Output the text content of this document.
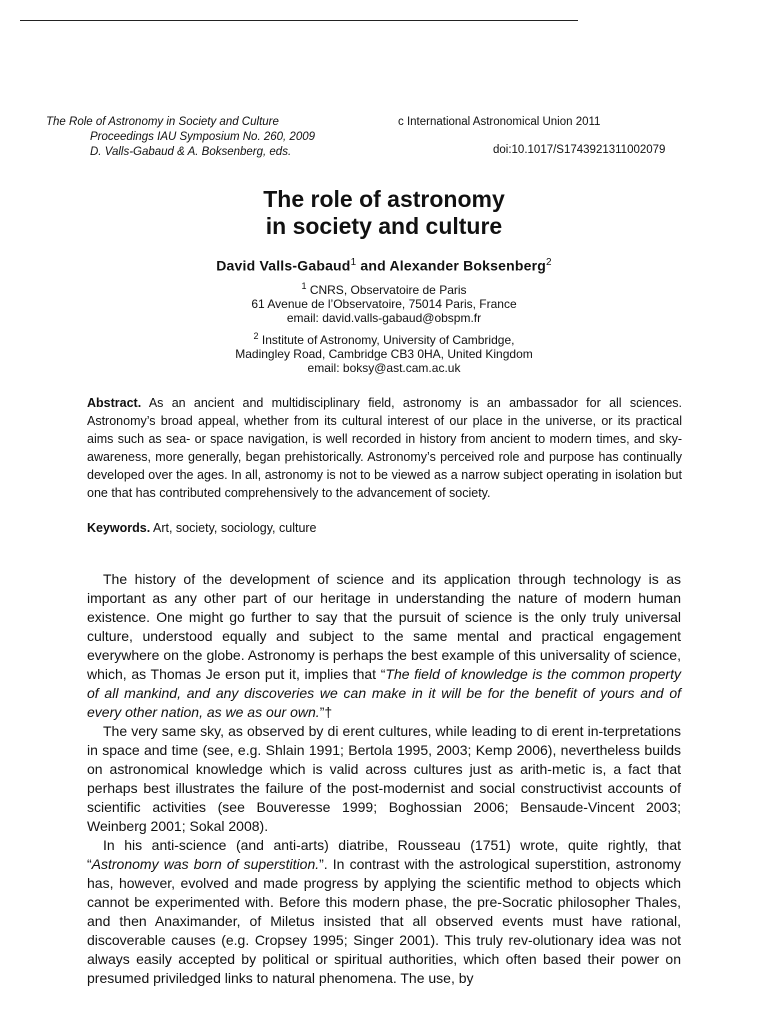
The Role of Astronomy in Society and Culture
Proceedings IAU Symposium No. 260, 2009
D. Valls-Gabaud & A. Boksenberg, eds.
c International Astronomical Union 2011
doi:10.1017/S1743921311002079
The role of astronomy
in society and culture
David Valls-Gabaud$^1$ and Alexander Boksenberg$^2$
$^1$ CNRS, Observatoire de Paris
61 Avenue de l’Observatoire, 75014 Paris, France
email: david.valls-gabaud@obspm.fr
$^2$ Institute of Astronomy, University of Cambridge,
Madingley Road, Cambridge CB3 0HA, United Kingdom
email: boksy@ast.cam.ac.uk
Abstract. As an ancient and multidisciplinary field, astronomy is an ambassador for all sciences. Astronomy’s broad appeal, whether from its cultural interest of our place in the universe, or its practical aims such as sea- or space navigation, is well recorded in history from ancient to modern times, and sky-awareness, more generally, began prehistorically. Astronomy’s perceived role and purpose has continually developed over the ages. In all, astronomy is not to be viewed as a narrow subject operating in isolation but one that has contributed comprehensively to the advancement of society.
Keywords. Art, society, sociology, culture

The history of the development of science and its application through technology is as important as any other part of our heritage in understanding the nature of modern human existence. One might go further to say that the pursuit of science is the only truly universal culture, understood equally and subject to the same mental and practical engagement everywhere on the globe. Astronomy is perhaps the best example of this universality of science, which, as Thomas Je erson put it, implies that “The field of knowledge is the common property of all mankind, and any discoveries we can make in it will be for the benefit of yours and of every other nation, as we as our own.”†

The very same sky, as observed by di erent cultures, while leading to di erent in-terpretations in space and time (see, e.g. Shlain 1991; Bertola 1995, 2003; Kemp 2006), nevertheless builds on astronomical knowledge which is valid across cultures just as arith-metic is, a fact that perhaps best illustrates the failure of the post-modernist and social constructivist accounts of scientific activities (see Bouveresse 1999; Boghossian 2006; Bensaude-Vincent 2003; Weinberg 2001; Sokal 2008).

In his anti-science (and anti-arts) diatribe, Rousseau (1751) wrote, quite rightly, that “Astronomy was born of superstition.”. In contrast with the astrological superstition, astronomy has, however, evolved and made progress by applying the scientific method to objects which cannot be experimented with. Before this modern phase, the pre-Socratic philosopher Thales, and then Anaximander, of Miletus insisted that all observed events must have rational, discoverable causes (e.g. Cropsey 1995; Singer 2001). This truly rev-olutionary idea was not always easily accepted by political or spiritual authorities, which often based their power on presumed priviledged links to natural phenomena. The use, by
